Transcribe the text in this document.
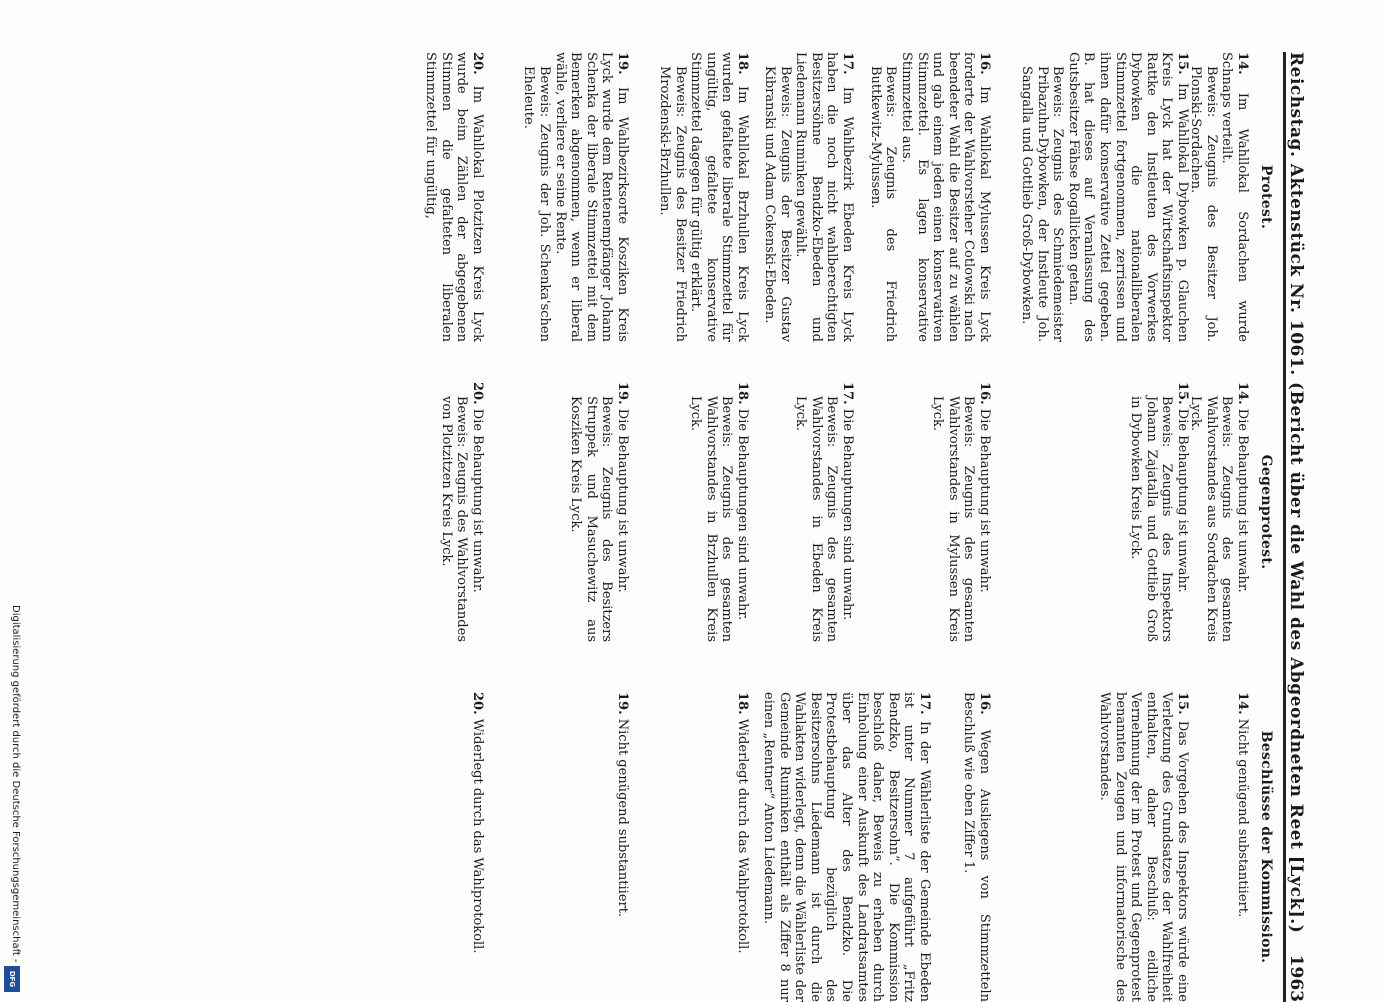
Reichstag. Aktenstück Nr. 1061. (Bericht über die Wahl des Abgeordneten Reet [Lyck].)
1963
Protest.
Gegenprotest.
Beschlüsse der Kommission.
14. Im Wahllokal Sordachen wurde Schnaps verteilt.
Beweis: Zeugnis des Besitzer Joh. Plonski-Sordachen.
15. Im Wahllokal Dybowken p. Glauchen Kreis Lyck hat der Wirtschaftsinspektor Rattke den Instleuten des Vorwerkes Dybowken die nationalliberalen Stimmzettel fortgenommen, zerrissen und ihnen dafür konservative Zettel gegeben. B. hat dieses auf Veranlassung des Gutsbesitzer Fähse Rogallicken getan.
Beweis: Zeugnis des Schmiedemeister Pribazuhn-Dybowken, der Instleute Joh. Sangalla und Gottlieb Groß-Dybowken.
16. Im Wahllokal Mylussen Kreis Lyck forderte der Wahlvorsteher Cotlowski nach beendeter Wahl die Besitzer auf zu wählen und gab einem jeden einen konservativen Stimmzettel. Es lagen konservative Stimmzettel aus.
Beweis: Zeugnis des Friedrich Buttkewitz-Mylussen.
17. Im Wahlbezirk Ebeden Kreis Lyck haben die noch nicht wahlberechtigten Besitzersöhne Bendzko-Ebeden und Liedemann Ruminken gewählt.
Beweis: Zeugnis der Besitzer Gustav Kibranski und Adam Cokenski-Ebeden.
18. Im Wahllokal Brzhullen Kreis Lyck wurden gefaltete liberale Stimmzettel für ungültig, gefaltete konservative Stimmzettel dagegen für gültig erklärt.
Beweis: Zeugnis des Besitzer Friedrich Mrozdenski-Brzhullen.
19. Im Wahlbezirksorte Kosziken Kreis Lyck wurde dem Rentenempfänger Johann Schenka der liberale Stimmzettel mit dem Bemerken abgenommen, wenn er liberal wähle, verliere er seine Rente.
Beweis: Zeugnis der Joh. Schenka'schen Eheleute.
20. Im Wahllokal Plotzitzen Kreis Lyck wurde beim Zählen der abgegebenen Stimmen die gefalteten liberalen Stimmzettel für ungültig,
14. Die Behauptung ist unwahr.
Beweis: Zeugnis des gesamten Wahlvorstandes aus Sordachen Kreis Lyck.
15. Die Behauptung ist unwahr.
Beweis: Zeugnis des Inspektors Johann Zajatalla und Gottlieb Groß in Dybowken Kreis Lyck.
16. Die Behauptung ist unwahr.
Beweis: Zeugnis des gesamten Wahlvorstandes in Mylussen Kreis Lyck.
17. Die Behauptungen sind unwahr.
Beweis: Zeugnis des gesamten Wahlvorstandes in Ebeden Kreis Lyck.
18. Die Behauptungen sind unwahr.
Beweis: Zeugnis des gesamten Wahlvorstandes in Brzhullen Kreis Lyck.
19. Die Behauptung ist unwahr.
Beweis: Zeugnis des Besitzers Struppek und Masuchewitz aus Kosziken Kreis Lyck.
20. Die Behauptung ist unwahr.
Beweis: Zeugnis des Wahlvorstandes von Plotzitzen Kreis Lyck.
14. Nicht genügend substantiiert.
15. Das Vorgehen des Inspektors würde eine Verletzung des Grundsatzes der Wahlfreiheit enthalten, daher Beschluß: eidliche Vernehmung der im Protest und Gegenprotest benannten Zeugen und informatorische des Wahlvorstandes.
16. Wegen Ausliegens von Stimmzetteln Beschluß wie oben Ziffer 1.
17. In der Wählerliste der Gemeinde Ebeden ist unter Nummer 7 aufgeführt „Fritz Bendzko, Besitzersohn“. Die Kommission beschloß daher, Beweis zu erheben durch Einholung einer Auskunft des Landratsamtes über das Alter des Bendzko. Die Protestbehauptung bezüglich des Besitzersohns Liedemann ist durch die Wahlakten widerlegt, denn die Wählerliste der Gemeinde Ruminken enthält als Ziffer 8 nur einen „Rentner“ Anton Liedemann.
18. Widerlegt durch das Wahlprotokoll.
19. Nicht genügend substantiiert.
20. Widerlegt durch das Wahlprotokoll.
Digitalisierung gefördert durch die Deutsche Forschungsgemeinschaft -
DFG
